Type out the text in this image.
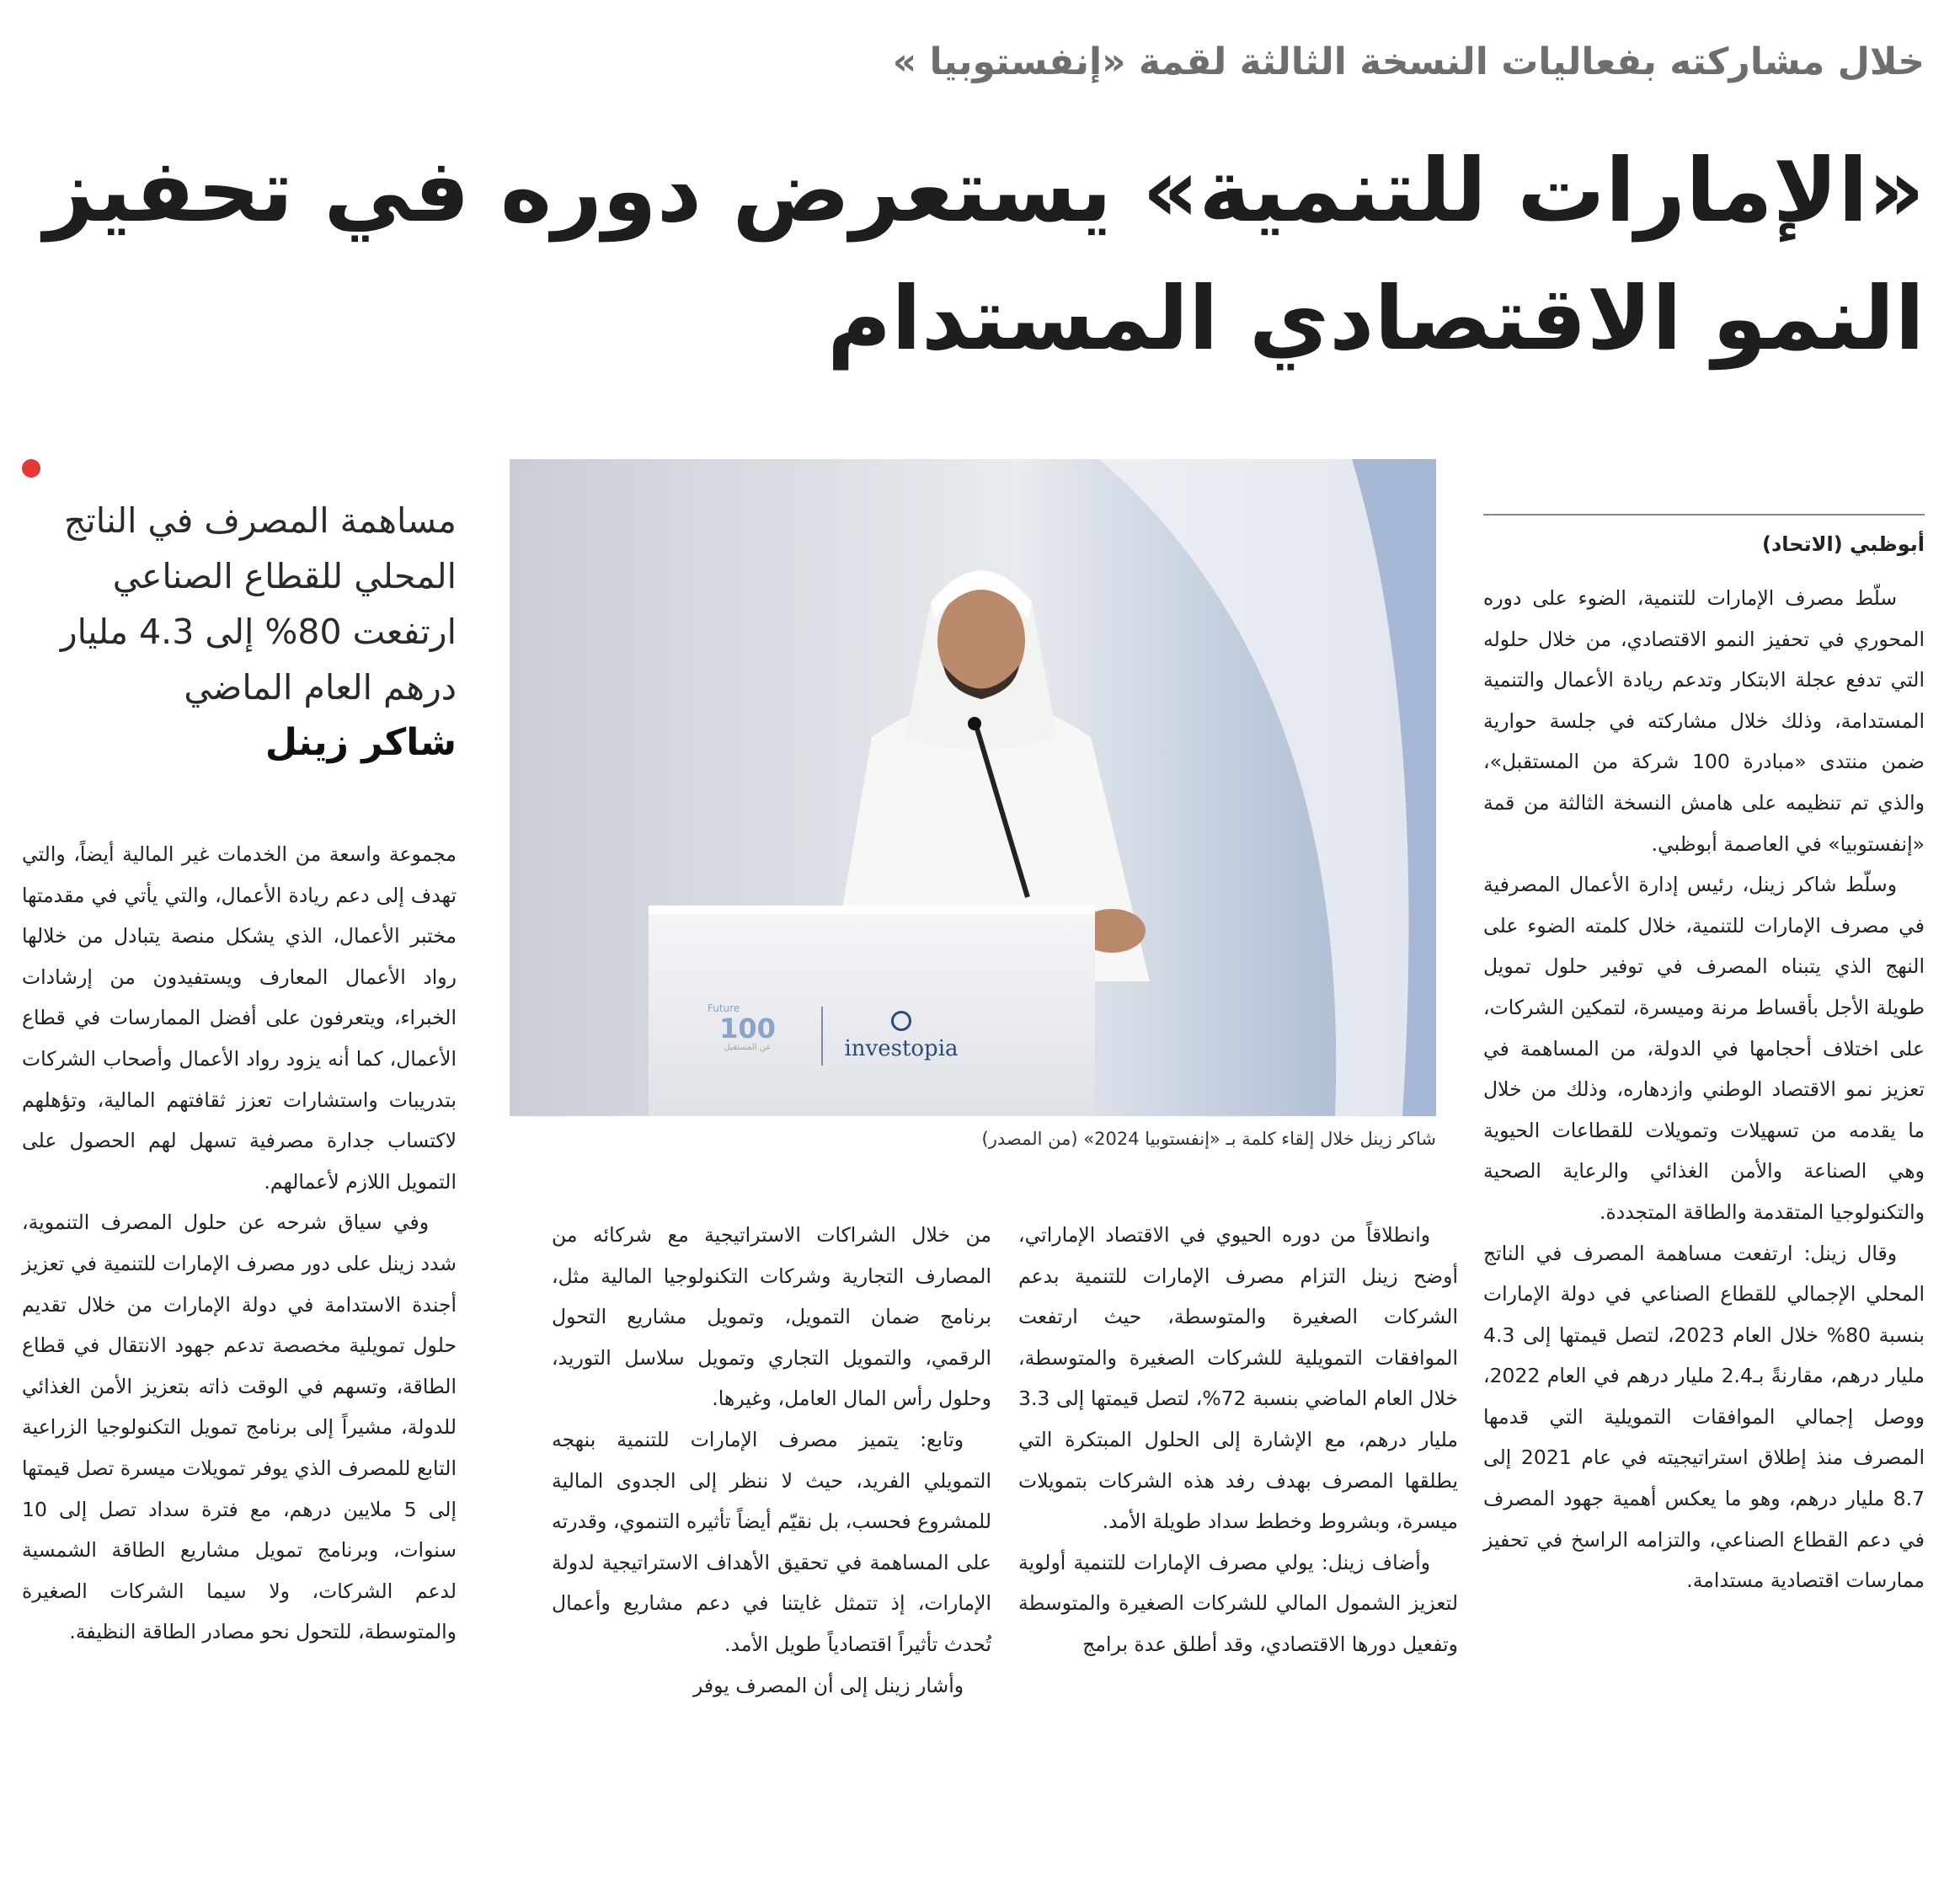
خلال مشاركته بفعاليات النسخة الثالثة لقمة «إنفستوبيا »
«الإمارات للتنمية» يستعرض دوره في تحفيز
النمو الاقتصادي المستدام
أبوظبي (الاتحاد)

سلّط مصرف الإمارات للتنمية، الضوء على دوره المحوري في تحفيز النمو الاقتصادي، من خلال حلوله التي تدفع عجلة الابتكار وتدعم ريادة الأعمال والتنمية المستدامة، وذلك خلال مشاركته في جلسة حوارية ضمن منتدى «مبادرة 100 شركة من المستقبل»، والذي تم تنظيمه على هامش النسخة الثالثة من قمة «إنفستوبيا» في العاصمة أبوظبي.

وسلّط شاكر زينل، رئيس إدارة الأعمال المصرفية في مصرف الإمارات للتنمية، خلال كلمته الضوء على النهج الذي يتبناه المصرف في توفير حلول تمويل طويلة الأجل بأقساط مرنة وميسرة، لتمكين الشركات، على اختلاف أحجامها في الدولة، من المساهمة في تعزيز نمو الاقتصاد الوطني وازدهاره، وذلك من خلال ما يقدمه من تسهيلات وتمويلات للقطاعات الحيوية وهي الصناعة والأمن الغذائي والرعاية الصحية والتكنولوجيا المتقدمة والطاقة المتجددة.

وقال زينل: ارتفعت مساهمة المصرف في الناتج المحلي الإجمالي للقطاع الصناعي في دولة الإمارات بنسبة 80% خلال العام 2023، لتصل قيمتها إلى 4.3 مليار درهم، مقارنةً بـ2.4 مليار درهم في العام 2022، ووصل إجمالي الموافقات التمويلية التي قدمها المصرف منذ إطلاق استراتيجيته في عام 2021 إلى 8.7 مليار درهم، وهو ما يعكس أهمية جهود المصرف في دعم القطاع الصناعي، والتزامه الراسخ في تحفيز ممارسات اقتصادية مستدامة.

Future
100
عن المستقبل	investopia
شاكر زينل خلال إلقاء كلمة بـ «إنفستوبيا 2024» (من المصدر)

وانطلاقاً من دوره الحيوي في الاقتصاد الإماراتي، أوضح زينل التزام مصرف الإمارات للتنمية بدعم الشركات الصغيرة والمتوسطة، حيث ارتفعت الموافقات التمويلية للشركات الصغيرة والمتوسطة، خلال العام الماضي بنسبة 72%، لتصل قيمتها إلى 3.3 مليار درهم، مع الإشارة إلى الحلول المبتكرة التي يطلقها المصرف بهدف رفد هذه الشركات بتمويلات ميسرة، وبشروط وخطط سداد طويلة الأمد.

وأضاف زينل: يولي مصرف الإمارات للتنمية أولوية لتعزيز الشمول المالي للشركات الصغيرة والمتوسطة وتفعيل دورها الاقتصادي، وقد أطلق عدة برامج

من خلال الشراكات الاستراتيجية مع شركائه من المصارف التجارية وشركات التكنولوجيا المالية مثل، برنامج ضمان التمويل، وتمويل مشاريع التحول الرقمي، والتمويل التجاري وتمويل سلاسل التوريد، وحلول رأس المال العامل، وغيرها.

وتابع: يتميز مصرف الإمارات للتنمية بنهجه التمويلي الفريد، حيث لا ننظر إلى الجدوى المالية للمشروع فحسب، بل نقيّم أيضاً تأثيره التنموي، وقدرته على المساهمة في تحقيق الأهداف الاستراتيجية لدولة الإمارات، إذ تتمثل غايتنا في دعم مشاريع وأعمال تُحدث تأثيراً اقتصادياً طويل الأمد.

وأشار زينل إلى أن المصرف يوفر

مساهمة المصرف في الناتج
المحلي للقطاع الصناعي
ارتفعت 80% إلى 4.3 مليار
درهم العام الماضي
شاكر زينل

مجموعة واسعة من الخدمات غير المالية أيضاً، والتي تهدف إلى دعم ريادة الأعمال، والتي يأتي في مقدمتها مختبر الأعمال، الذي يشكل منصة يتبادل من خلالها رواد الأعمال المعارف ويستفيدون من إرشادات الخبراء، ويتعرفون على أفضل الممارسات في قطاع الأعمال، كما أنه يزود رواد الأعمال وأصحاب الشركات بتدريبات واستشارات تعزز ثقافتهم المالية، وتؤهلهم لاكتساب جدارة مصرفية تسهل لهم الحصول على التمويل اللازم لأعمالهم.

وفي سياق شرحه عن حلول المصرف التنموية، شدد زينل على دور مصرف الإمارات للتنمية في تعزيز أجندة الاستدامة في دولة الإمارات من خلال تقديم حلول تمويلية مخصصة تدعم جهود الانتقال في قطاع الطاقة، وتسهم في الوقت ذاته بتعزيز الأمن الغذائي للدولة، مشيراً إلى برنامج تمويل التكنولوجيا الزراعية التابع للمصرف الذي يوفر تمويلات ميسرة تصل قيمتها إلى 5 ملايين درهم، مع فترة سداد تصل إلى 10 سنوات، وبرنامج تمويل مشاريع الطاقة الشمسية لدعم الشركات، ولا سيما الشركات الصغيرة والمتوسطة، للتحول نحو مصادر الطاقة النظيفة.
